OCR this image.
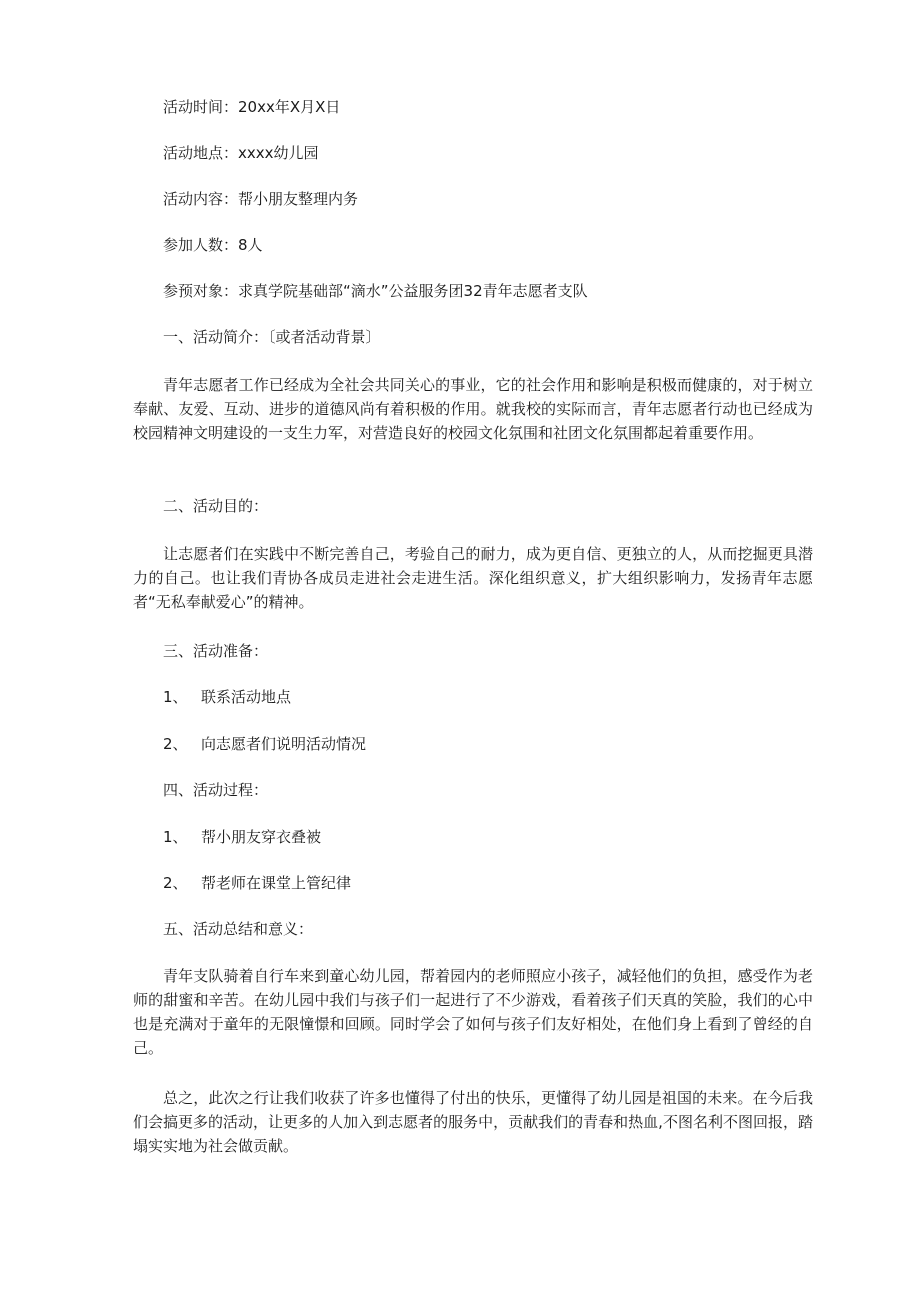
活动时间：20xx年X月X日
活动地点：xxxx幼儿园
活动内容：帮小朋友整理内务
参加人数：8人
参预对象：求真学院基础部“滴水”公益服务团32青年志愿者支队
一、活动简介：〔或者活动背景〕
青年志愿者工作已经成为全社会共同关心的事业，它的社会作用和影响是积极而健康的，对于树立奉献、友爱、互动、进步的道德风尚有着积极的作用。就我校的实际而言，青年志愿者行动也已经成为校园精神文明建设的一支生力军，对营造良好的校园文化氛围和社团文化氛围都起着重要作用。
二、活动目的：
让志愿者们在实践中不断完善自己，考验自己的耐力，成为更自信、更独立的人，从而挖掘更具潜力的自己。也让我们青协各成员走进社会走进生活。深化组织意义，扩大组织影响力，发扬青年志愿者“无私奉献爱心”的精神。
三、活动准备：
1、 联系活动地点
2、 向志愿者们说明活动情况
四、活动过程：
1、 帮小朋友穿衣叠被
2、 帮老师在课堂上管纪律
五、活动总结和意义：
青年支队骑着自行车来到童心幼儿园，帮着园内的老师照应小孩子，减轻他们的负担，感受作为老师的甜蜜和辛苦。在幼儿园中我们与孩子们一起进行了不少游戏，看着孩子们天真的笑脸，我们的心中也是充满对于童年的无限憧憬和回顾。同时学会了如何与孩子们友好相处，在他们身上看到了曾经的自己。
总之，此次之行让我们收获了许多也懂得了付出的快乐，更懂得了幼儿园是祖国的未来。在今后我们会搞更多的活动，让更多的人加入到志愿者的服务中，贡献我们的青春和热血,不图名利不图回报，踏塌实实地为社会做贡献。
